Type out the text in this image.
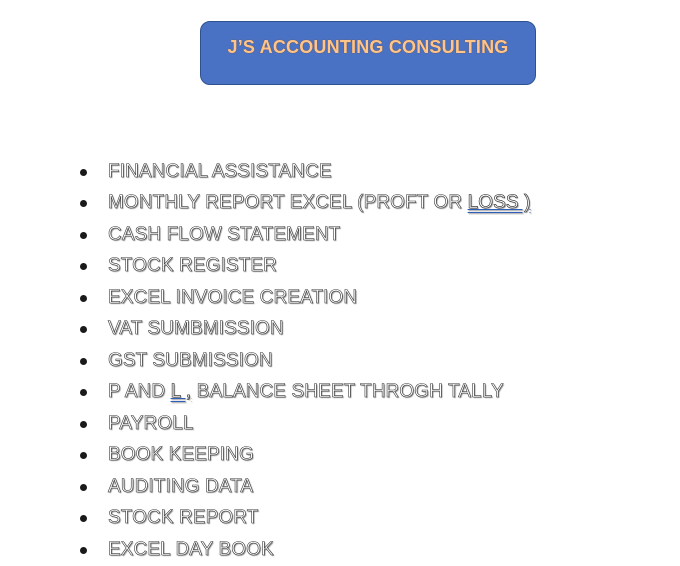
J’S ACCOUNTING CONSULTING
FINANCIAL ASSISTANCE
MONTHLY REPORT EXCEL (PROFT OR LOSS )
CASH FLOW STATEMENT
STOCK REGISTER
EXCEL INVOICE CREATION
VAT SUMBMISSION
GST SUBMISSION
P AND L , BALANCE SHEET THROGH TALLY
PAYROLL
BOOK KEEPING
AUDITING DATA
STOCK REPORT
EXCEL DAY BOOK
